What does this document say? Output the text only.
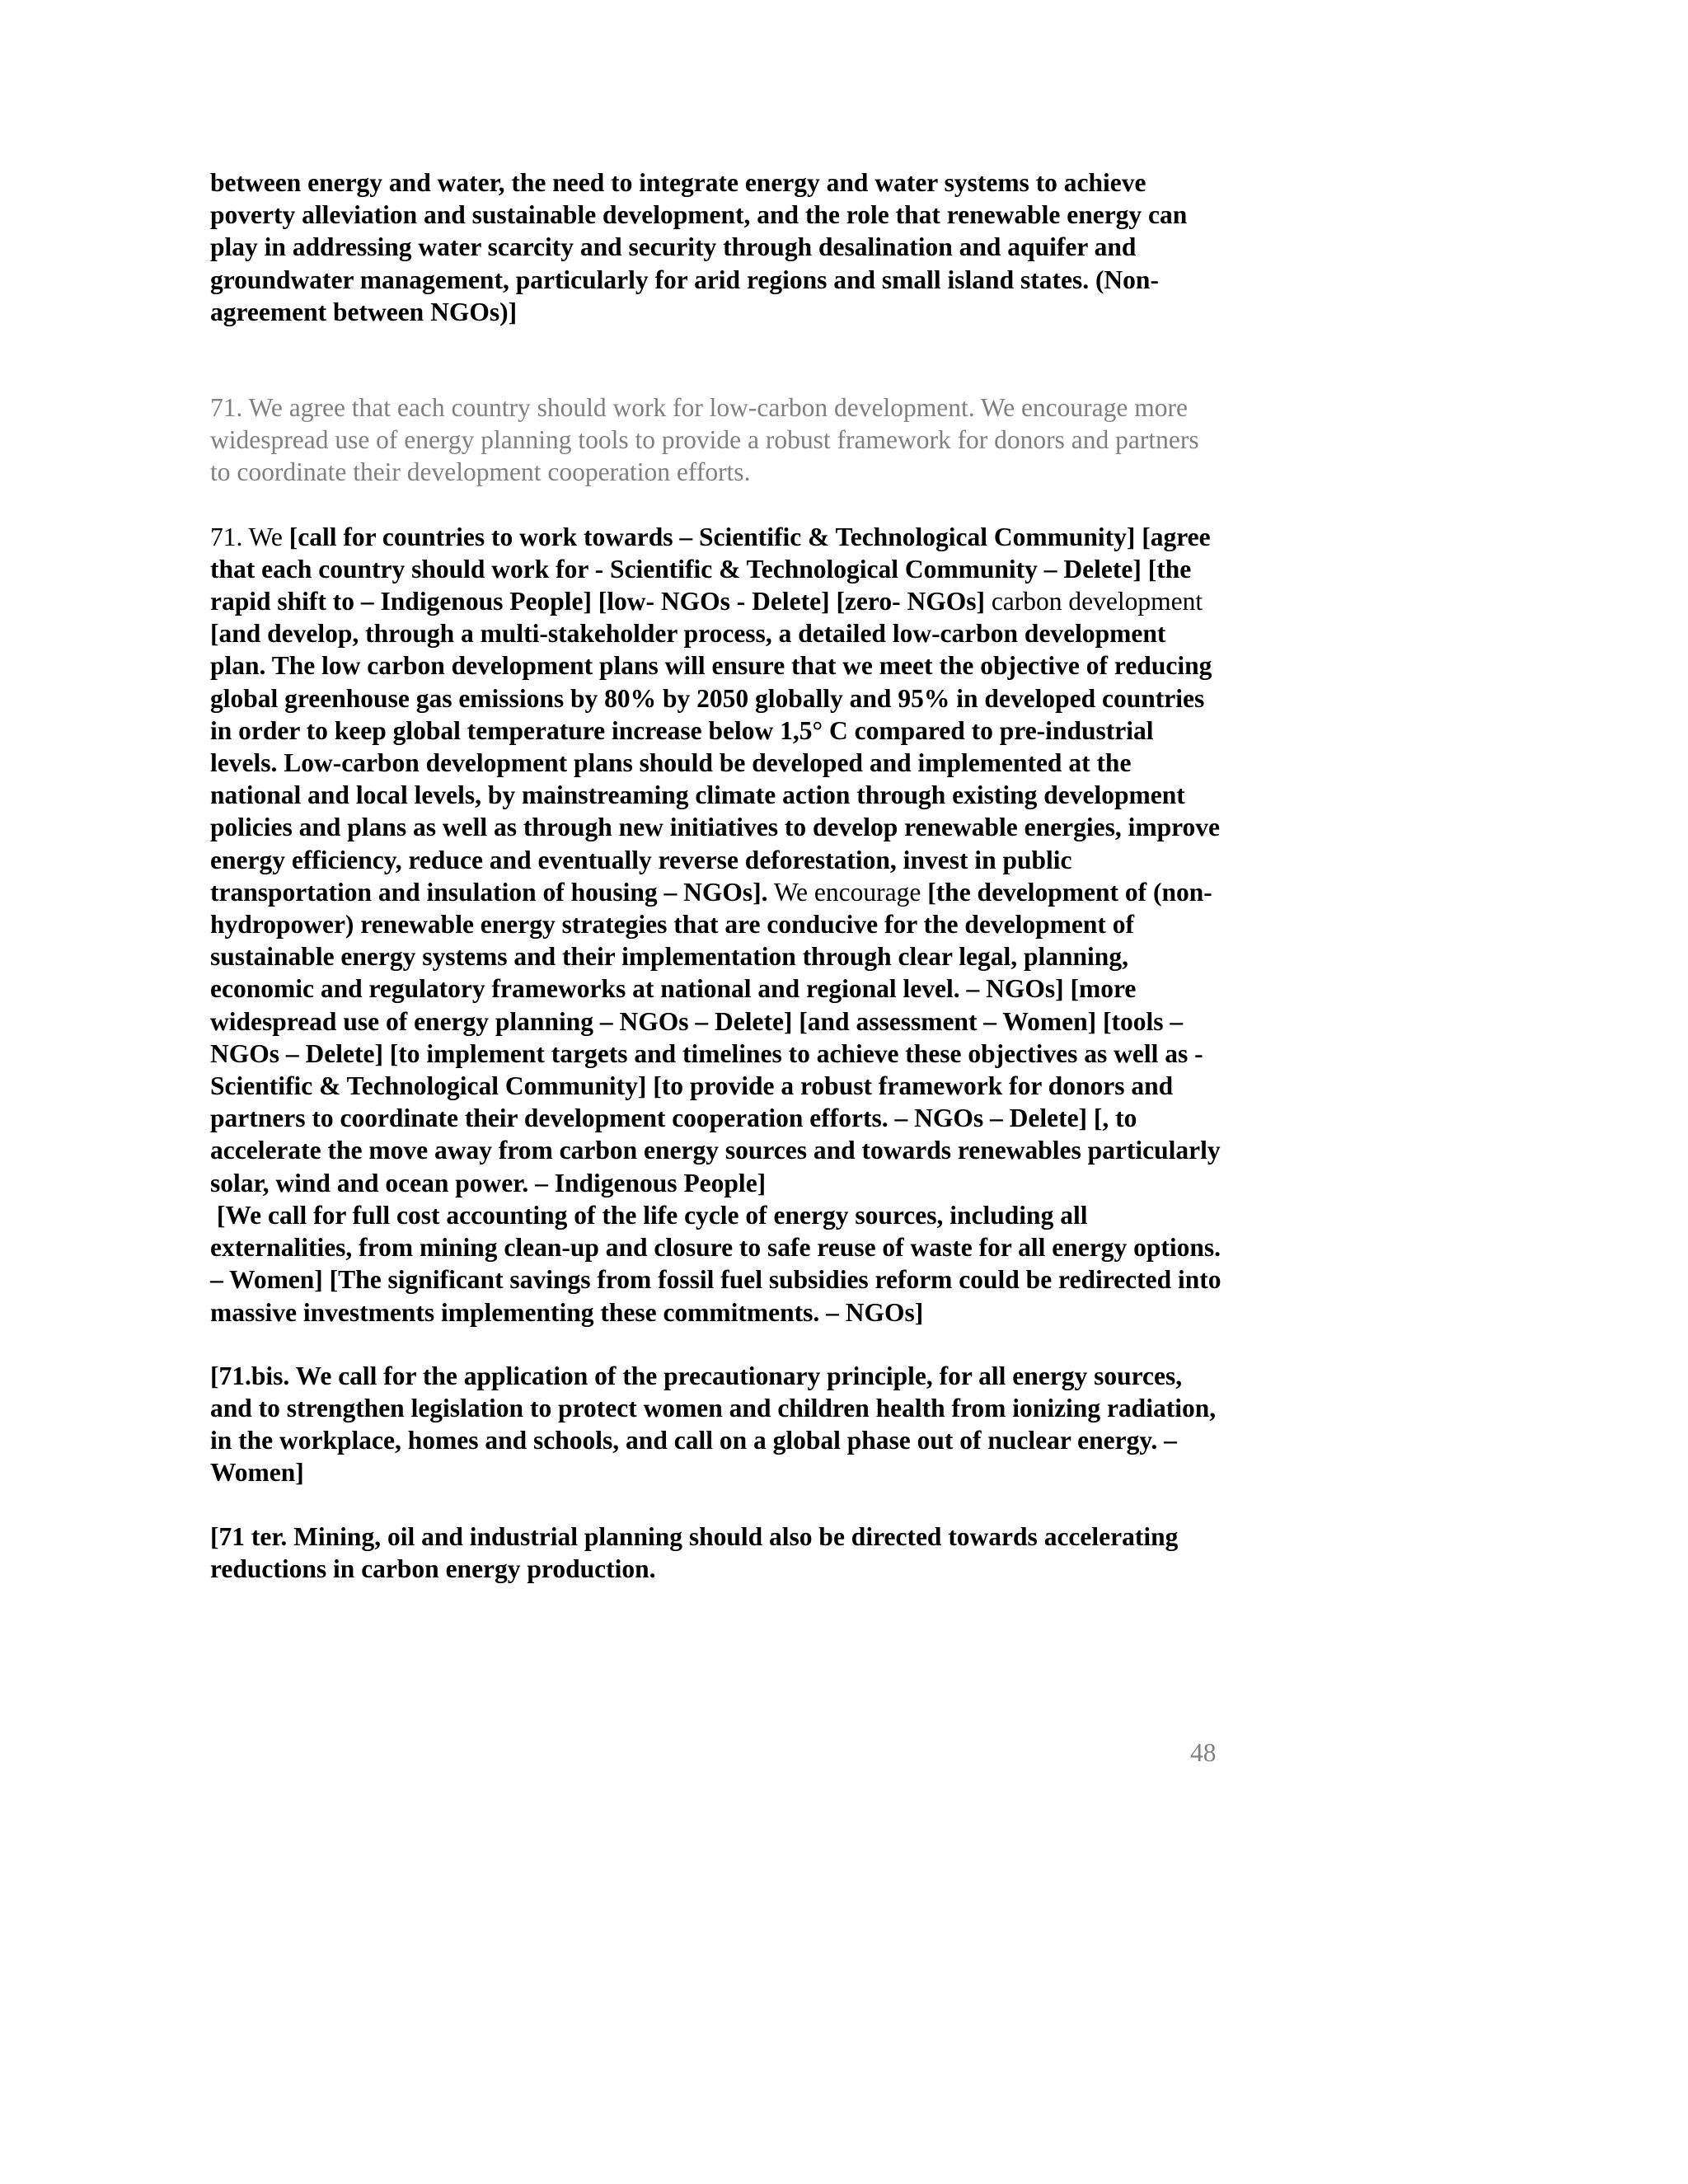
between energy and water, the need to integrate energy and water systems to achieve poverty alleviation and sustainable development, and the role that renewable energy can play in addressing water scarcity and security through desalination and aquifer and groundwater management, particularly for arid regions and small island states. (Non-agreement between NGOs)]

71. We agree that each country should work for low-carbon development. We encourage more widespread use of energy planning tools to provide a robust framework for donors and partners to coordinate their development cooperation efforts.

71. We [call for countries to work towards – Scientific & Technological Community] [agree that each country should work for - Scientific & Technological Community – Delete] [the rapid shift to – Indigenous People] [low- NGOs - Delete] [zero- NGOs] carbon development [and develop, through a multi-stakeholder process, a detailed low-carbon development plan. The low carbon development plans will ensure that we meet the objective of reducing global greenhouse gas emissions by 80% by 2050 globally and 95% in developed countries in order to keep global temperature increase below 1,5° C compared to pre-industrial levels. Low-carbon development plans should be developed and implemented at the national and local levels, by mainstreaming climate action through existing development policies and plans as well as through new initiatives to develop renewable energies, improve energy efficiency, reduce and eventually reverse deforestation, invest in public transportation and insulation of housing – NGOs]. We encourage [the development of (non-hydropower) renewable energy strategies that are conducive for the development of sustainable energy systems and their implementation through clear legal, planning, economic and regulatory frameworks at national and regional level. – NGOs] [more widespread use of energy planning – NGOs – Delete] [and assessment – Women] [tools – NGOs – Delete] [to implement targets and timelines to achieve these objectives as well as - Scientific & Technological Community] [to provide a robust framework for donors and partners to coordinate their development cooperation efforts. – NGOs – Delete] [, to accelerate the move away from carbon energy sources and towards renewables particularly solar, wind and ocean power. – Indigenous People]

[We call for full cost accounting of the life cycle of energy sources, including all externalities, from mining clean-up and closure to safe reuse of waste for all energy options. – Women] [The significant savings from fossil fuel subsidies reform could be redirected into massive investments implementing these commitments. – NGOs]

[71.bis. We call for the application of the precautionary principle, for all energy sources, and to strengthen legislation to protect women and children health from ionizing radiation, in the workplace, homes and schools, and call on a global phase out of nuclear energy. – Women]

[71 ter. Mining, oil and industrial planning should also be directed towards accelerating reductions in carbon energy production.

48
